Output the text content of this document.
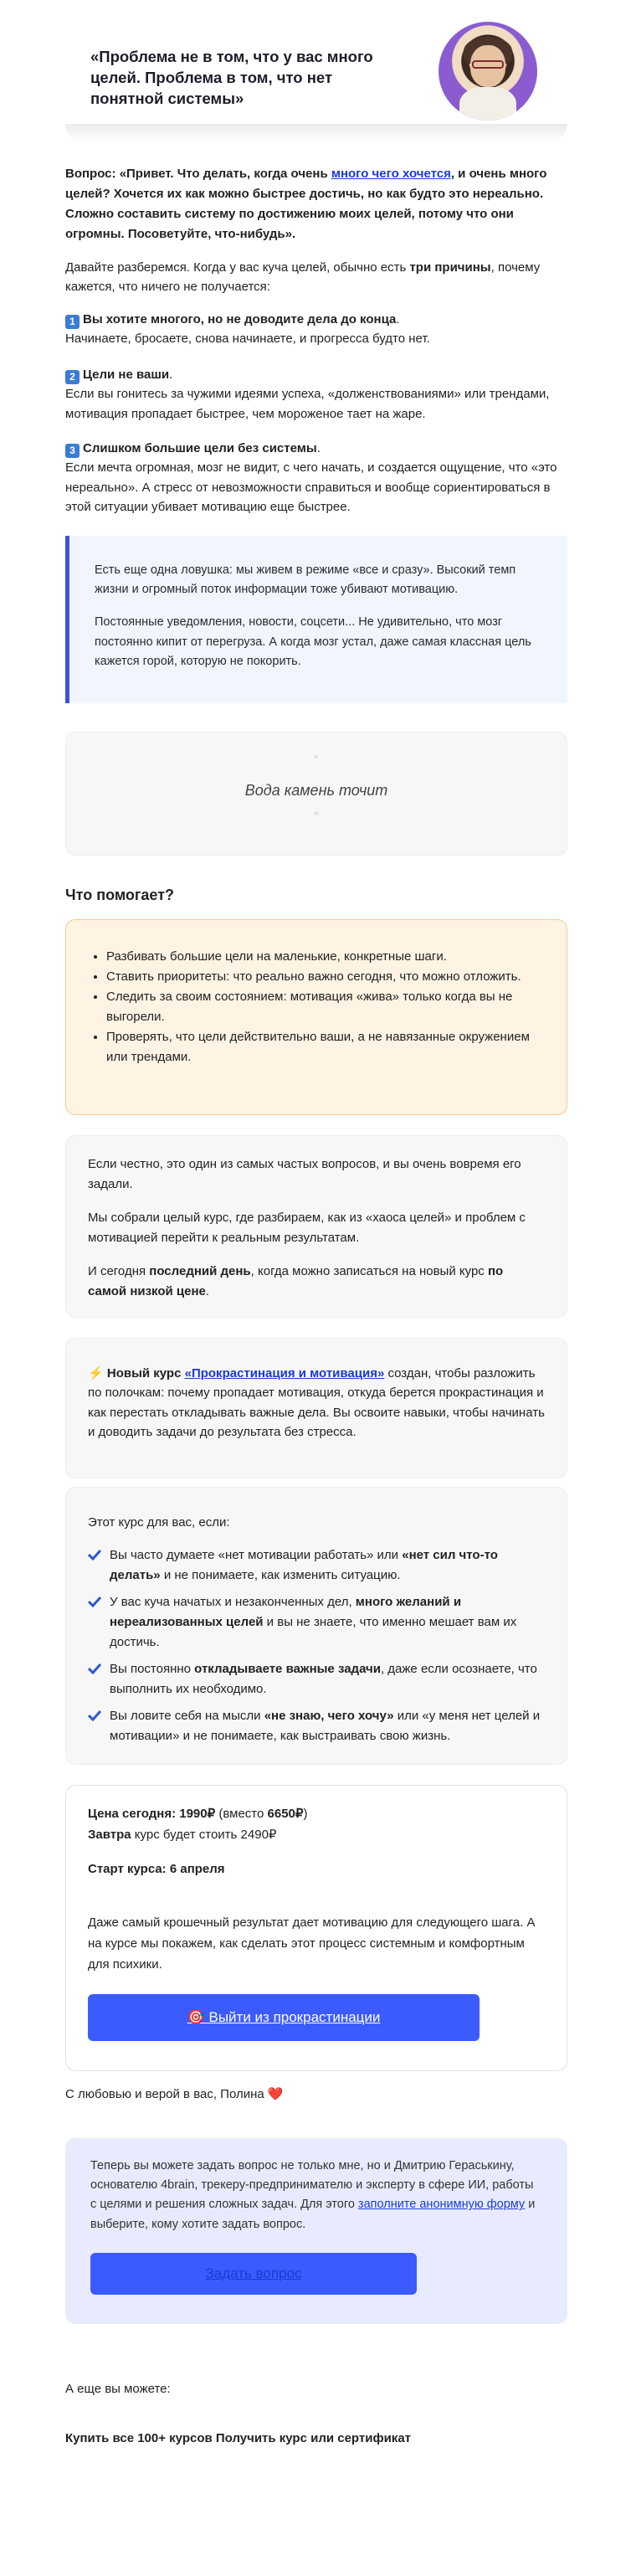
«Проблема не в том, что у вас много целей. Проблема в том, что нет понятной системы»
Вопрос: «Привет. Что делать, когда очень много чего хочется, и очень много целей? Хочется их как можно быстрее достичь, но как будто это нереально. Сложно составить систему по достижению моих целей, потому что они огромны. Посоветуйте, что-нибудь».
Давайте разберемся. Когда у вас куча целей, обычно есть три причины, почему кажется, что ничего не получается:
1 Вы хотите многого, но не доводите дела до конца.
Начинаете, бросаете, снова начинаете, и прогресса будто нет.
2 Цели не ваши.
Если вы гонитесь за чужими идеями успеха, «долженствованиями» или трендами, мотивация пропадает быстрее, чем мороженое тает на жаре.
3 Слишком большие цели без системы.
Если мечта огромная, мозг не видит, с чего начать, и создается ощущение, что «это нереально». А стресс от невозможности справиться и вообще сориентироваться в этой ситуации убивает мотивацию еще быстрее.

Есть еще одна ловушка: мы живем в режиме «все и сразу». Высокий темп жизни и огромный поток информации тоже убивают мотивацию.

Постоянные уведомления, новости, соцсети... Не удивительно, что мозг постоянно кипит от перегруза. А когда мозг устал, даже самая классная цель кажется горой, которую не покорить.

“
Вода камень точит
”
Что помогает?
• Разбивать большие цели на маленькие, конкретные шаги.
• Ставить приоритеты: что реально важно сегодня, что можно отложить.
• Следить за своим состоянием: мотивация «жива» только когда вы не выгорели.
• Проверять, что цели действительно ваши, а не навязанные окружением или трендами.

Если честно, это один из самых частых вопросов, и вы очень вовремя его задали.

Мы собрали целый курс, где разбираем, как из «хаоса целей» и проблем с мотивацией перейти к реальным результатам.

И сегодня последний день, когда можно записаться на новый курс по самой низкой цене.

⚡ Новый курс «Прокрастинация и мотивация» создан, чтобы разложить по полочкам: почему пропадает мотивация, откуда берется прокрастинация и как перестать откладывать важные дела. Вы освоите навыки, чтобы начинать и доводить задачи до результата без стресса.
Этот курс для вас, если:
Вы часто думаете «нет мотивации работать» или «нет сил что-то делать» и не понимаете, как изменить ситуацию.
У вас куча начатых и незаконченных дел, много желаний и нереализованных целей и вы не знаете, что именно мешает вам их достичь.
Вы постоянно откладываете важные задачи, даже если осознаете, что выполнить их необходимо.
Вы ловите себя на мысли «не знаю, чего хочу» или «у меня нет целей и мотивации» и не понимаете, как выстраивать свою жизнь.
Цена сегодня: 1990₽ (вместо 6650₽)
Завтра курс будет стоить 2490₽
Старт курса: 6 апреля
Даже самый крошечный результат дает мотивацию для следующего шага. А на курсе мы покажем, как сделать этот процесс системным и комфортным для психики.
🎯 Выйти из прокрастинации
С любовью и верой в вас, Полина ❤️

Теперь вы можете задать вопрос не только мне, но и Дмитрию Гераськину, основателю 4brain, трекеру-предпринимателю и эксперту в сфере ИИ, работы с целями и решения сложных задач. Для этого заполните анонимную форму и выберите, кому хотите задать вопрос.

Задать вопрос
А еще вы можете:
Купить все 100+ курсов Получить курс или сертификат
